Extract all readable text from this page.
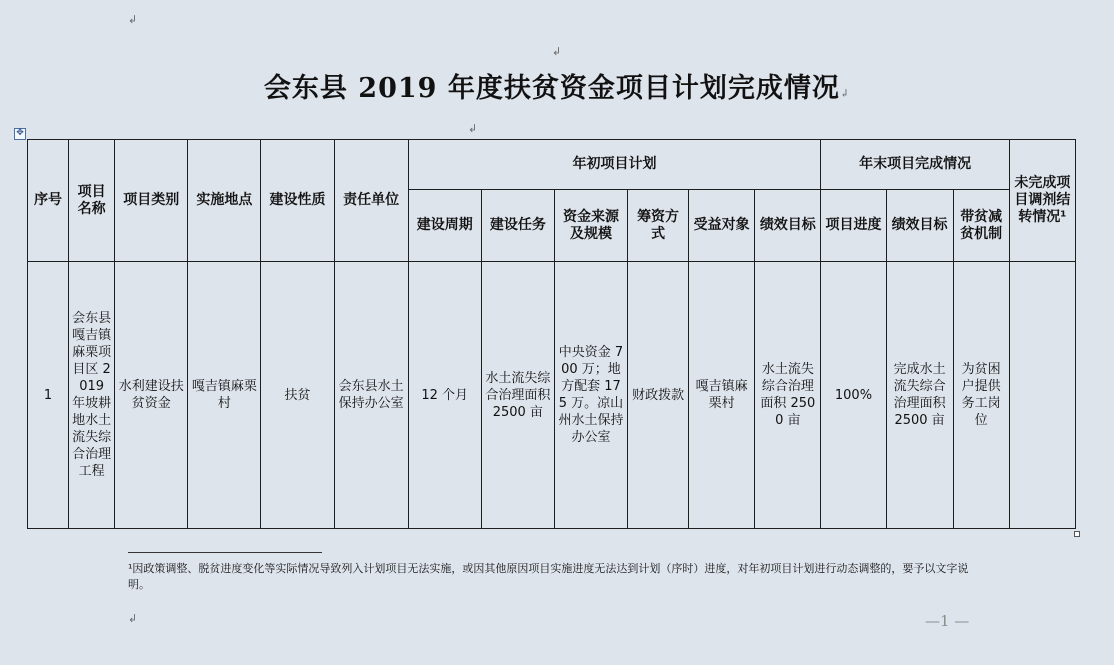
↲
↲
↲
会东县 2019 年度扶贫资金项目计划完成情况↲
✥
序号	项目名称	项目类别	实施地点	建设性质	责任单位	年初项目计划						年末项目完成情况			未完成项目调剂结转情况¹
						建设周期	建设任务	资金来源及规模	筹资方式	受益对象	绩效目标	项目进度	绩效目标	带贫减贫机制	
1	会东县嘎吉镇麻栗项目区 2019 年坡耕地水土流失综合治理工程	水利建设扶贫资金	嘎吉镇麻栗村	扶贫	会东县水土保持办公室	12 个月	水土流失综合治理面积 2500 亩	中央资金 700 万；地方配套 175 万。凉山州水土保持办公室	财政拨款	嘎吉镇麻栗村	水土流失综合治理面积 2500 亩	100%	完成水土流失综合治理面积 2500 亩	为贫困户提供务工岗位	
¹因政策调整、脱贫进度变化等实际情况导致列入计划项目无法实施，或因其他原因项目实施进度无法达到计划（序时）进度，对年初项目计划进行动态调整的，要予以文字说明。
↲	—1 —
